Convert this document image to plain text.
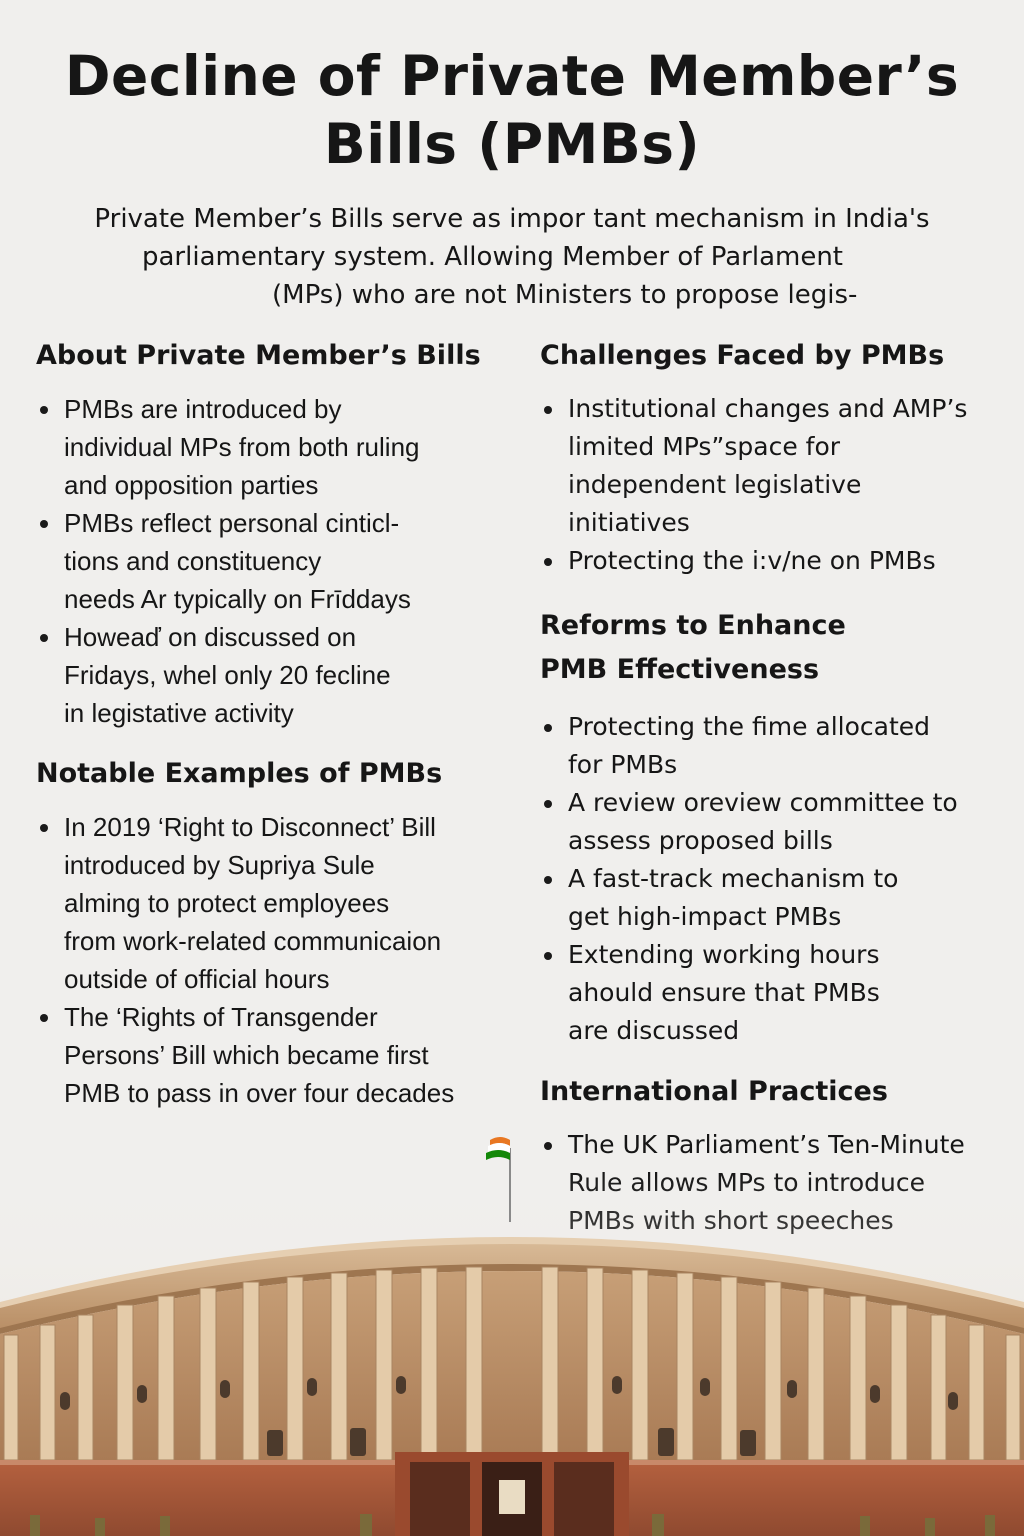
Decline of Private Member’s Bills (PMBs)

Private Member’s Bills serve as impor tant mechanism in India's
parliamentary system. Allowing Member of Parlament
(MPs) who are not Ministers to propose legis-

About Private Member’s Bills
PMBs are introduced by
individual MPs from both ruling
and opposition parties
PMBs reflect personal cinticl-
tions and constituency
needs Ar typically on Frīddays
Howeaď on discussed on
Fridays, whel only 20 fecline
in legistative activity
Notable Examples of PMBs
In 2019 ‘Right to Disconnect’ Bill
introduced by Supriya Sule
alming to protect employees
from work-related communicaion
outside of official hours
The ‘Rights of Transgender
Persons’ Bill which became first
PMB to pass in over four decades
Challenges Faced by PMBs
Institutional changes and AMP’s
limited MPs”space for
independent legislative
initiatives
Protecting the i:v/ne on PMBs
Reforms to Enhance PMB Effectiveness
Protecting the fime allocated
for PMBs
A review oreview committee to
assess proposed bills
A fast-track mechanism to
get high-impact PMBs
Extending working hours
ahould ensure that PMBs
are discussed
International Practices
The UK Parliament’s Ten-Minute
